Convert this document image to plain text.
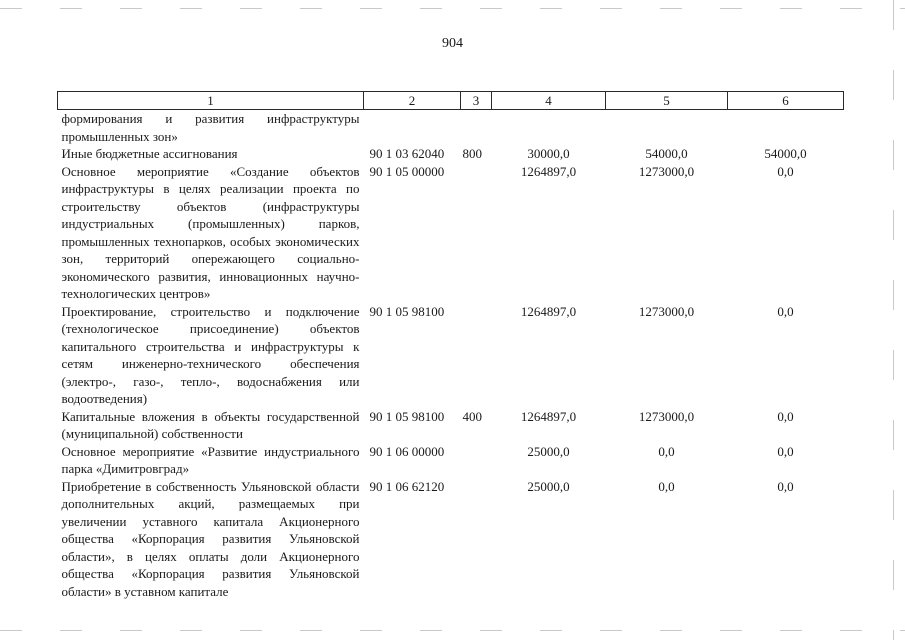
904
1	2	3	4	5	6
формирования и развития инфраструктуры промышленных зон»					
Иные бюджетные ассигнования	90 1 03 62040	800	30000,0	54000,0	54000,0
Основное мероприятие «Создание объектов инфраструктуры в целях реализации проекта по строительству объектов (инфраструктуры индустриальных (промышленных) парков, промышленных технопарков, особых экономических зон, территорий опережающего социально-экономического развития, инновационных научно-технологических центров»	90 1 05 00000		1264897,0	1273000,0	0,0
Проектирование, строительство и подключение (технологическое присоединение) объектов капитального строительства и инфраструктуры к сетям инженерно-технического обеспечения (электро-, газо-, тепло-, водоснабжения или водоотведения)	90 1 05 98100		1264897,0	1273000,0	0,0
Капитальные вложения в объекты государственной (муниципальной) собственности	90 1 05 98100	400	1264897,0	1273000,0	0,0
Основное мероприятие «Развитие индустриального парка «Димитровград»	90 1 06 00000		25000,0	0,0	0,0
Приобретение в собственность Ульяновской области дополнительных акций, размещаемых при увеличении уставного капитала Акционерного общества «Корпорация развития Ульяновской области», в целях оплаты доли Акционерного общества «Корпорация развития Ульяновской области» в уставном капитале	90 1 06 62120		25000,0	0,0	0,0
